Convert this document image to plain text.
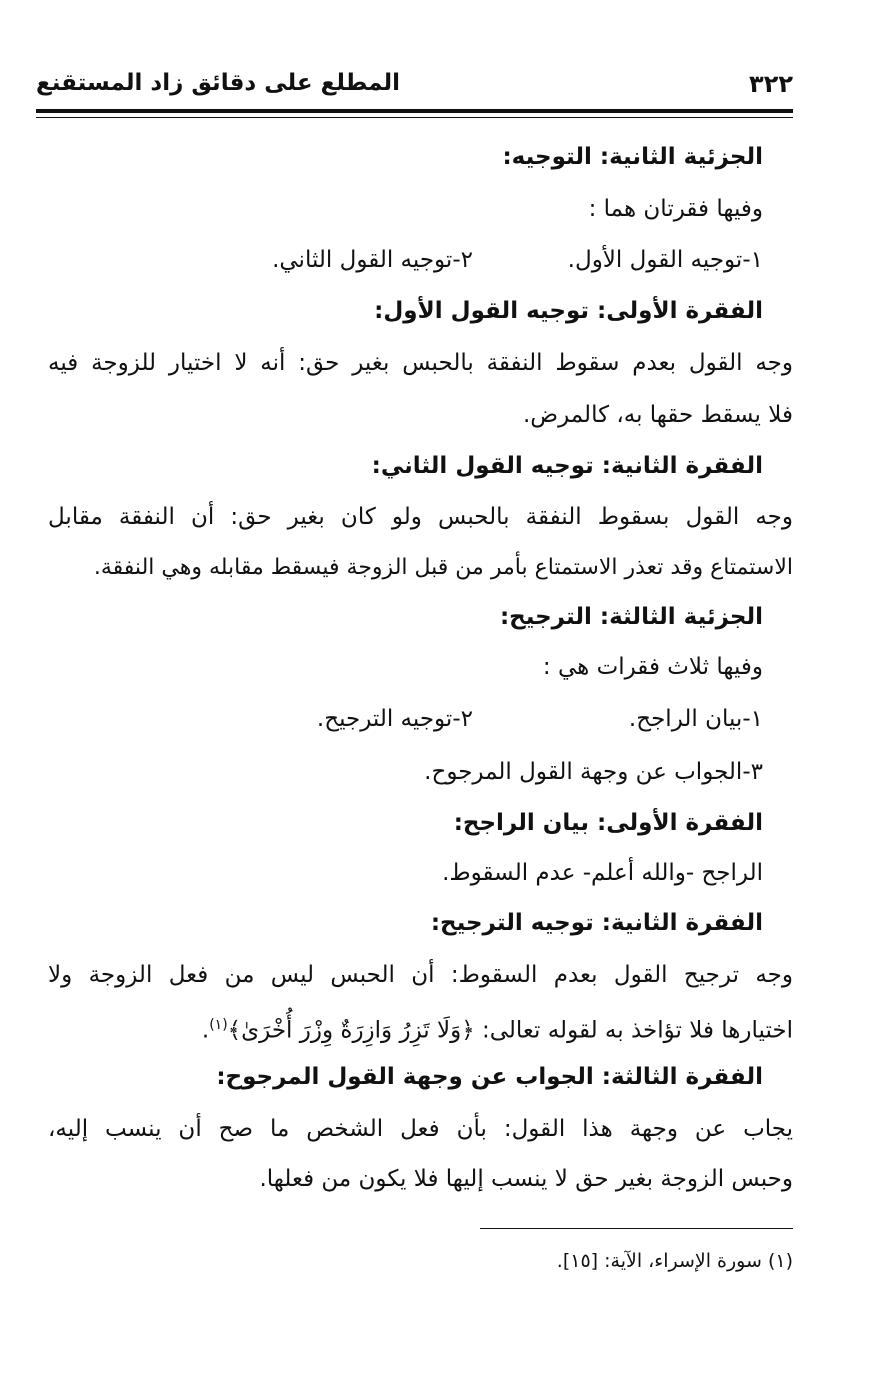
٣٢٢
المطلع على دقائق زاد المستقنع
الجزئية الثانية: التوجيه:
وفيها فقرتان هما :
١-توجيه القول الأول.
٢-توجيه القول الثاني.
الفقرة الأولى: توجيه القول الأول:
وجه القول بعدم سقوط النفقة بالحبس بغير حق: أنه لا اختيار للزوجة فيه
فلا يسقط حقها به، كالمرض.
الفقرة الثانية: توجيه القول الثاني:
وجه القول بسقوط النفقة بالحبس ولو كان بغير حق: أن النفقة مقابل
الاستمتاع وقد تعذر الاستمتاع بأمر من قبل الزوجة فيسقط مقابله وهي النفقة.
الجزئية الثالثة: الترجيح:
وفيها ثلاث فقرات هي :
١-بيان الراجح.
٢-توجيه الترجيح.
٣-الجواب عن وجهة القول المرجوح.
الفقرة الأولى: بيان الراجح:
الراجح -والله أعلم- عدم السقوط.
الفقرة الثانية: توجيه الترجيح:
وجه ترجيح القول بعدم السقوط: أن الحبس ليس من فعل الزوجة ولا
اختيارها فلا تؤاخذ به لقوله تعالى: ﴿وَلَا تَزِرُ وَازِرَةٌ وِزْرَ أُخْرَىٰ﴾$^{(١)}$.
الفقرة الثالثة: الجواب عن وجهة القول المرجوح:
يجاب عن وجهة هذا القول: بأن فعل الشخص ما صح أن ينسب إليه،
وحبس الزوجة بغير حق لا ينسب إليها فلا يكون من فعلها.
(١) سورة الإسراء، الآية: [١٥].
